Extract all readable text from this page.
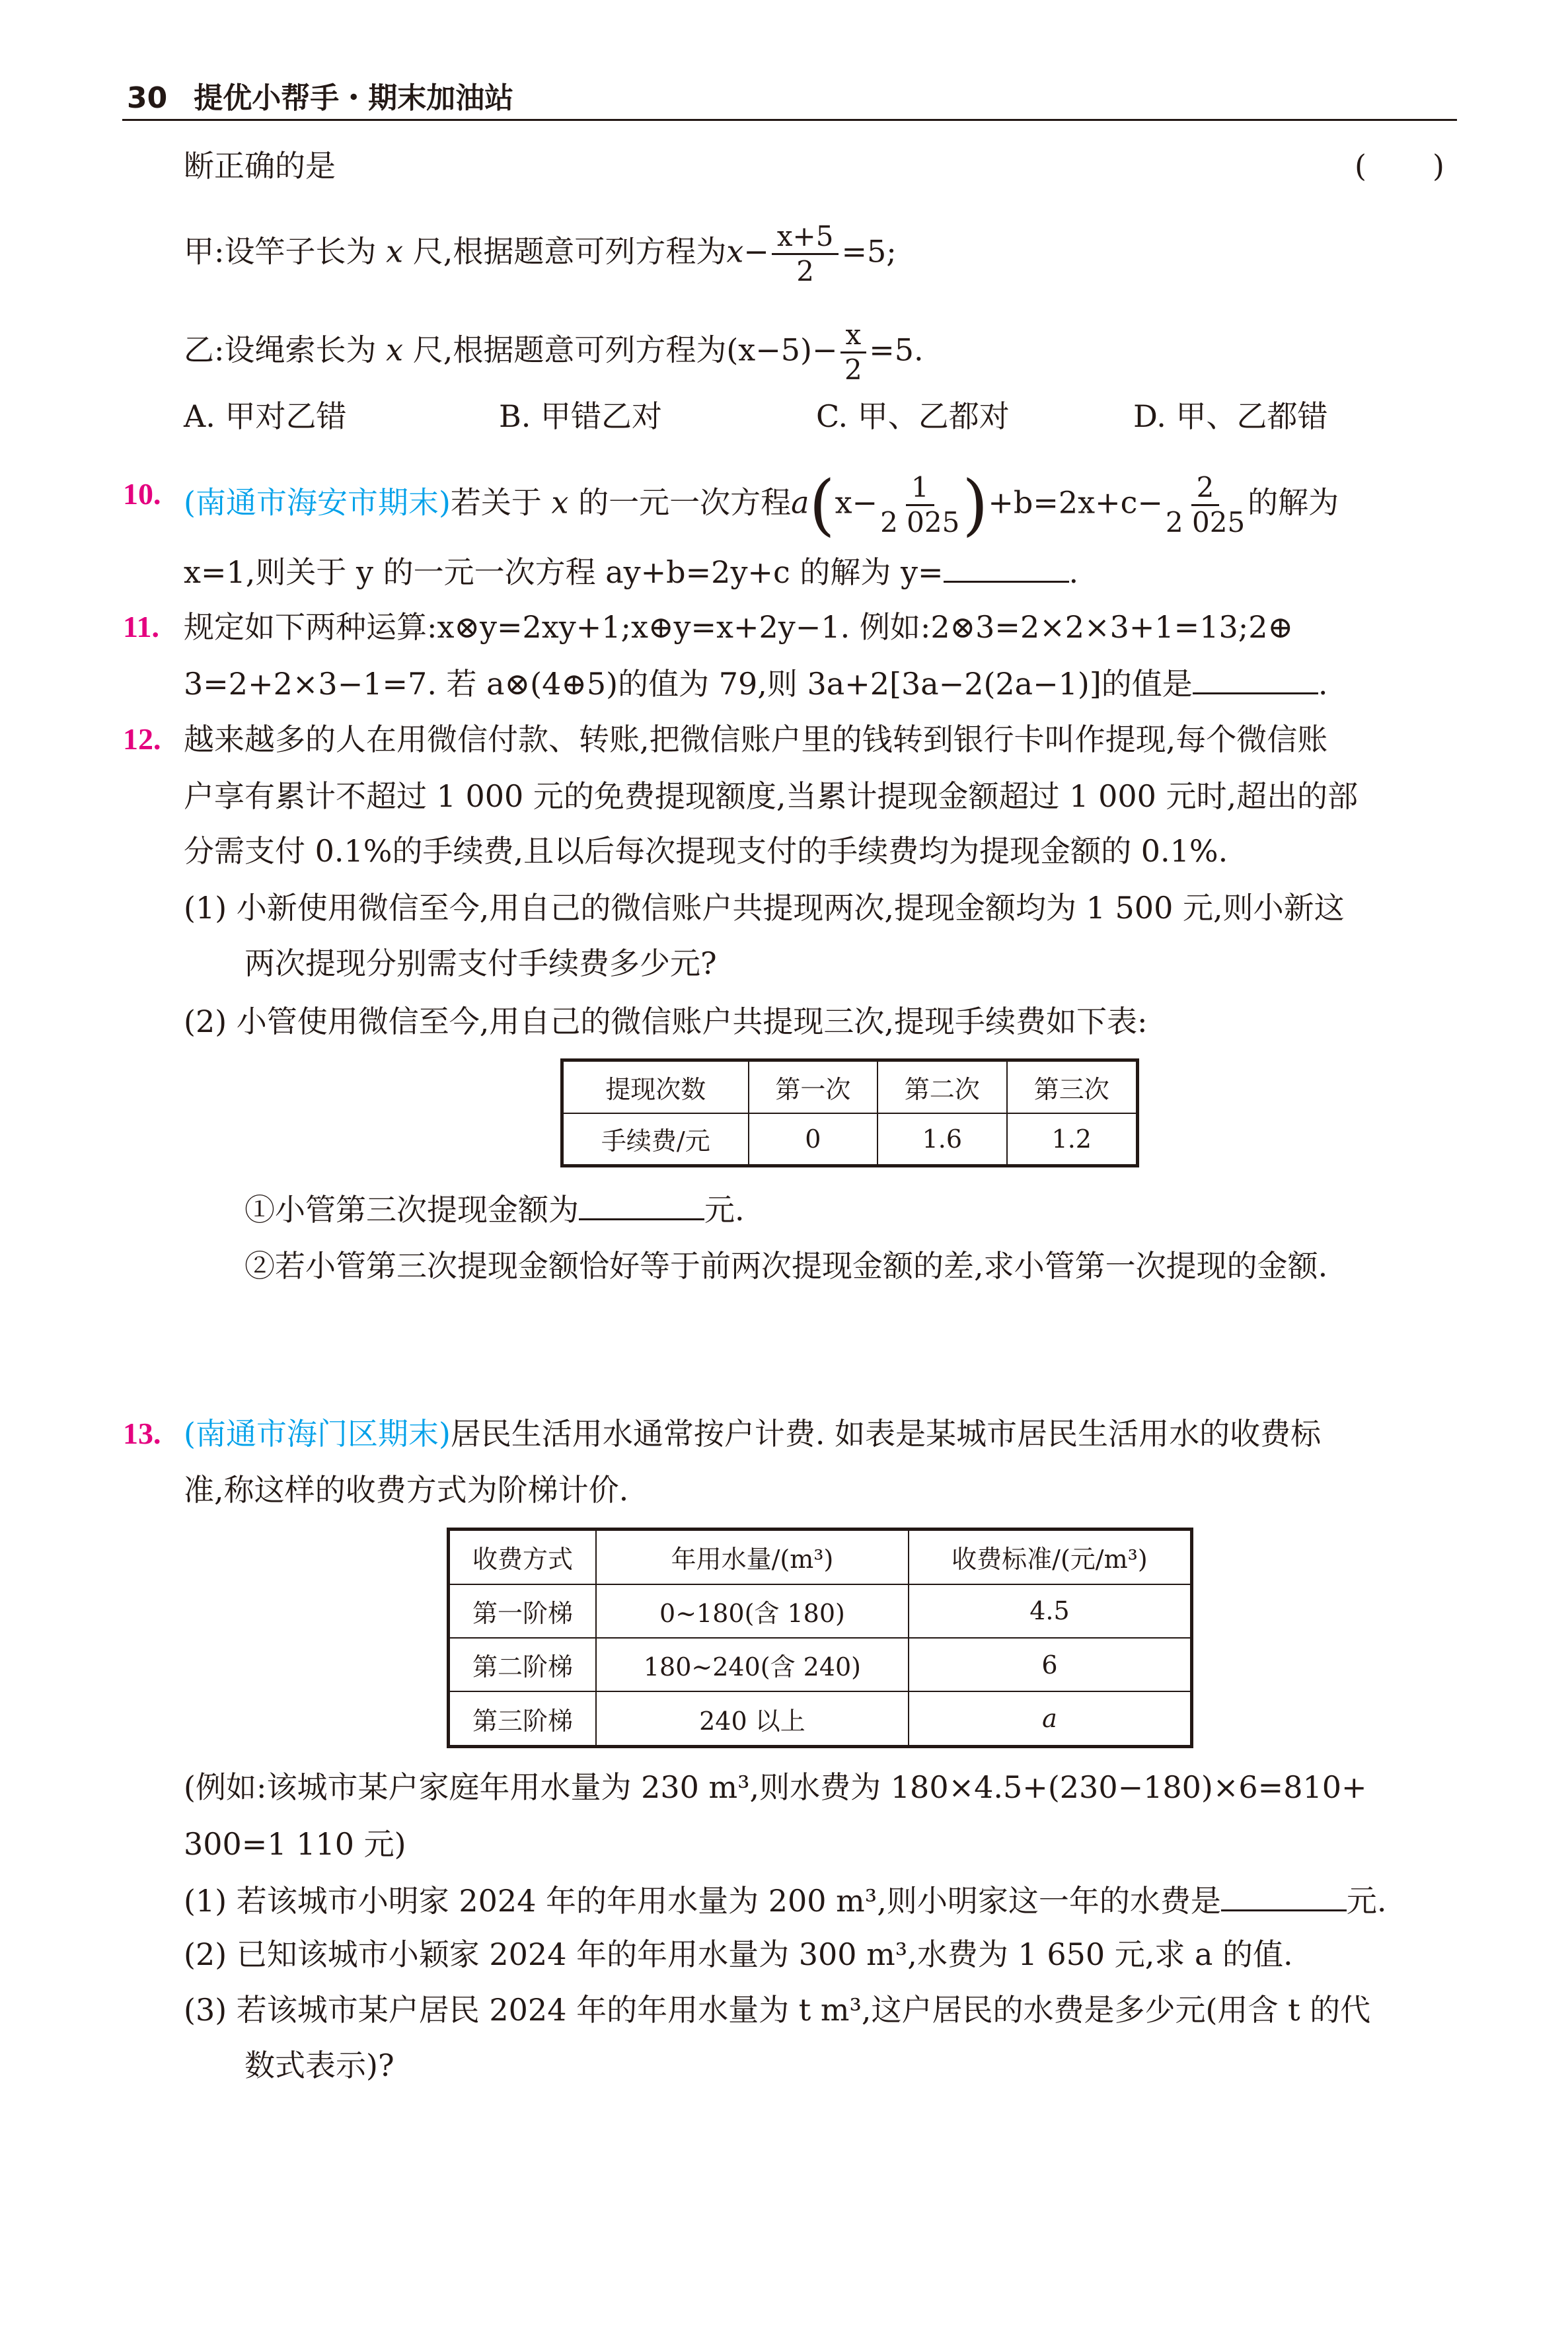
30 提优小帮手・期末加油站
断正确的是	( )
甲:设竿子长为 x 尺,根据题意可列方程为$x- \frac{x+5}{2} =5$;
乙:设绳索长为 x 尺,根据题意可列方程为$(x-5)- \frac{x}{2} =5$.
A. 甲对乙错	B. 甲错乙对	C. 甲、乙都对	D. 甲、乙都错
10. (南通市海安市期末)若关于 x 的一元一次方程$a(x- \frac{1}{2 025} )+b=2x+c- \frac{2}{2 025}$ 的解为
x=1,则关于 y 的一元一次方程 ay+b=2y+c 的解为 y=	.
11. 规定如下两种运算:x⊗y=2xy+1;x⊕y=x+2y−1. 例如:2⊗3=2×2×3+1=13;2⊕
3=2+2×3−1=7. 若 a⊗(4⊕5)的值为 79,则 3a+2[3a−2(2a−1)]的值是	.
12. 越来越多的人在用微信付款、转账,把微信账户里的钱转到银行卡叫作提现,每个微信账
户享有累计不超过 1 000 元的免费提现额度,当累计提现金额超过 1 000 元时,超出的部
分需支付 0.1%的手续费,且以后每次提现支付的手续费均为提现金额的 0.1%.
(1) 小新使用微信至今,用自己的微信账户共提现两次,提现金额均为 1 500 元,则小新这
两次提现分别需支付手续费多少元?
(2) 小管使用微信至今,用自己的微信账户共提现三次,提现手续费如下表:
提现次数	第一次	第二次	第三次
手续费/元	0	1.6	1.2
①小管第三次提现金额为	元.
②若小管第三次提现金额恰好等于前两次提现金额的差,求小管第一次提现的金额.
13. (南通市海门区期末)居民生活用水通常按户计费. 如表是某城市居民生活用水的收费标
准,称这样的收费方式为阶梯计价.
收费方式	年用水量/(m³)	收费标准/(元/m³)
第一阶梯	0~180(含 180)	4.5
第二阶梯	180~240(含 240)	6
第三阶梯	240 以上	a
(例如:该城市某户家庭年用水量为 230 m³,则水费为 180×4.5+(230−180)×6=810+
300=1 110 元)
(1) 若该城市小明家 2024 年的年用水量为 200 m³,则小明家这一年的水费是	元.
(2) 已知该城市小颖家 2024 年的年用水量为 300 m³,水费为 1 650 元,求 a 的值.
(3) 若该城市某户居民 2024 年的年用水量为 t m³,这户居民的水费是多少元(用含 t 的代
数式表示)?
